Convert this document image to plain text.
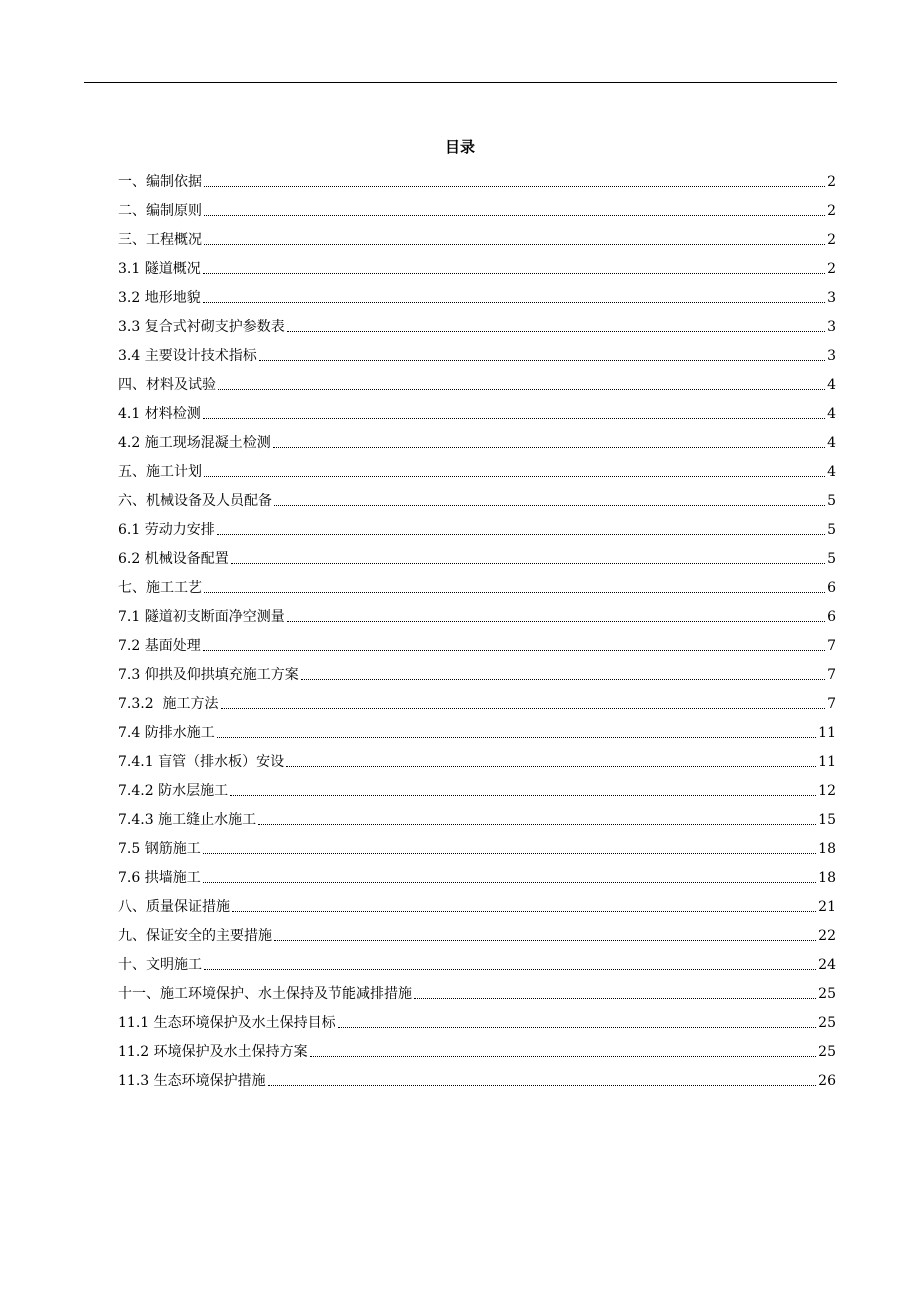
目录
一、编制依据	2
二、编制原则	2
三、工程概况	2
3.1 隧道概况	2
3.2 地形地貌	3
3.3 复合式衬砌支护参数表	3
3.4 主要设计技术指标	3
四、材料及试验	4
4.1 材料检测	4
4.2 施工现场混凝土检测	4
五、施工计划	4
六、机械设备及人员配备	5
6.1 劳动力安排	5
6.2 机械设备配置	5
七、施工工艺	6
7.1 隧道初支断面净空测量	6
7.2 基面处理	7
7.3 仰拱及仰拱填充施工方案	7
7.3.2  施工方法	7
7.4 防排水施工	11
7.4.1 盲管（排水板）安设	11
7.4.2 防水层施工	12
7.4.3 施工缝止水施工	15
7.5 钢筋施工	18
7.6 拱墙施工	18
八、质量保证措施	21
九、保证安全的主要措施	22
十、文明施工	24
十一、施工环境保护、水土保持及节能减排措施	25
11.1 生态环境保护及水土保持目标	25
11.2 环境保护及水土保持方案	25
11.3 生态环境保护措施	26
